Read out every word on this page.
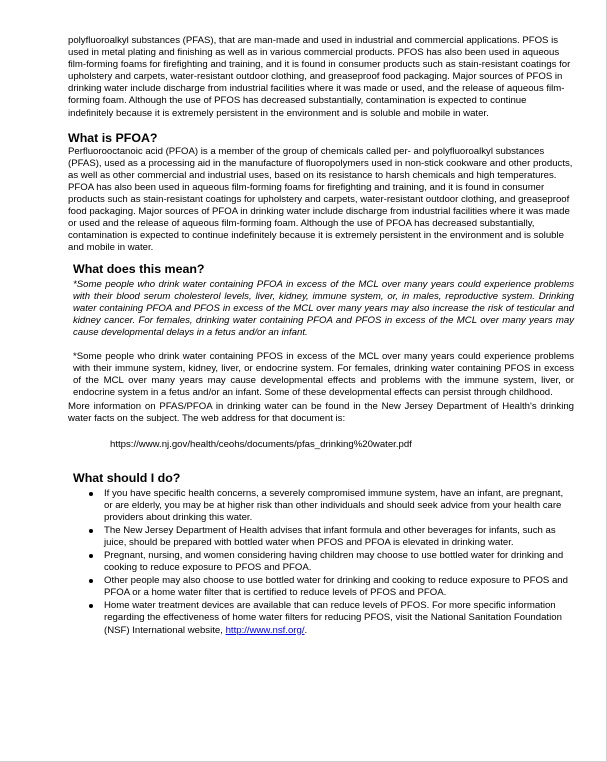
polyfluoroalkyl substances (PFAS), that are man-made and used in industrial and commercial applications. PFOS is used in metal plating and finishing as well as in various commercial products. PFOS has also been used in aqueous film-forming foams for firefighting and training, and it is found in consumer products such as stain-resistant coatings for upholstery and carpets, water-resistant outdoor clothing, and greaseproof food packaging. Major sources of PFOS in drinking water include discharge from industrial facilities where it was made or used, and the release of aqueous film-forming foam. Although the use of PFOS has decreased substantially, contamination is expected to continue indefinitely because it is extremely persistent in the environment and is soluble and mobile in water.

What is PFOA?

Perfluorooctanoic acid (PFOA) is a member of the group of chemicals called per- and polyfluoroalkyl substances (PFAS), used as a processing aid in the manufacture of fluoropolymers used in non-stick cookware and other products, as well as other commercial and industrial uses, based on its resistance to harsh chemicals and high temperatures. PFOA has also been used in aqueous film-forming foams for firefighting and training, and it is found in consumer products such as stain-resistant coatings for upholstery and carpets, water-resistant outdoor clothing, and greaseproof food packaging. Major sources of PFOA in drinking water include discharge from industrial facilities where it was made or used and the release of aqueous film-forming foam. Although the use of PFOA has decreased substantially, contamination is expected to continue indefinitely because it is extremely persistent in the environment and is soluble and mobile in water.

What does this mean?

*Some people who drink water containing PFOA in excess of the MCL over many years could experience problems with their blood serum cholesterol levels, liver, kidney, immune system, or, in males, reproductive system. Drinking water containing PFOA and PFOS in excess of the MCL over many years may also increase the risk of testicular and kidney cancer. For females, drinking water containing PFOA and PFOS in excess of the MCL over many years may cause developmental delays in a fetus and/or an infant.

*Some people who drink water containing PFOS in excess of the MCL over many years could experience problems with their immune system, kidney, liver, or endocrine system. For females, drinking water containing PFOS in excess of the MCL over many years may cause developmental effects and problems with the immune system, liver, or endocrine system in a fetus and/or an infant. Some of these developmental effects can persist through childhood.

More information on PFAS/PFOA in drinking water can be found in the New Jersey Department of Health's drinking water facts on the subject. The web address for that document is:

https://www.nj.gov/health/ceohs/documents/pfas_drinking%20water.pdf
What should I do?
If you have specific health concerns, a severely compromised immune system, have an infant, are pregnant, or are elderly, you may be at higher risk than other individuals and should seek advice from your health care providers about drinking this water.
The New Jersey Department of Health advises that infant formula and other beverages for infants, such as juice, should be prepared with bottled water when PFOS and PFOA is elevated in drinking water.
Pregnant, nursing, and women considering having children may choose to use bottled water for drinking and cooking to reduce exposure to PFOS and PFOA.
Other people may also choose to use bottled water for drinking and cooking to reduce exposure to PFOS and PFOA or a home water filter that is certified to reduce levels of PFOS and PFOA.
Home water treatment devices are available that can reduce levels of PFOS. For more specific information regarding the effectiveness of home water filters for reducing PFOS, visit the National Sanitation Foundation (NSF) International website, http://www.nsf.org/.
